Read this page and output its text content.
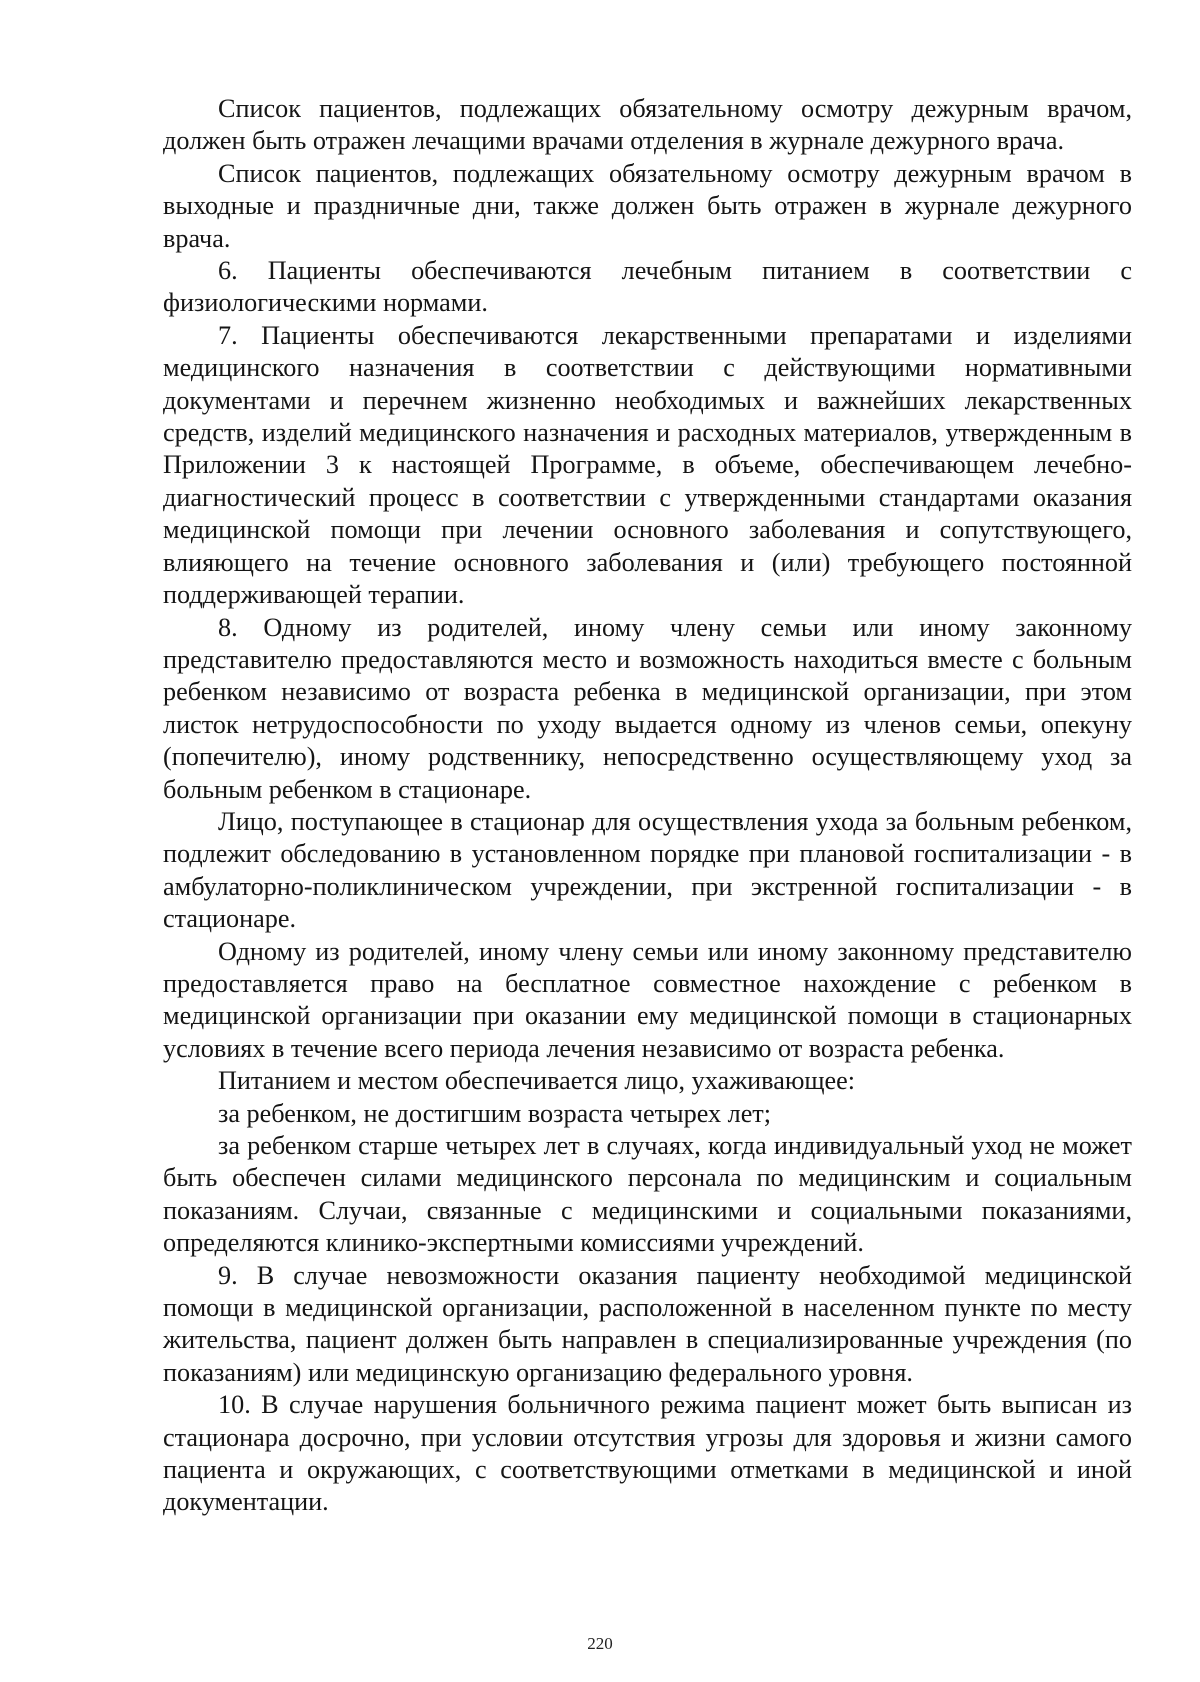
Список пациентов, подлежащих обязательному осмотру дежурным врачом, должен быть отражен лечащими врачами отделения в журнале дежурного врача.

Список пациентов, подлежащих обязательному осмотру дежурным врачом в выходные и праздничные дни, также должен быть отражен в журнале дежурного врача.

6. Пациенты обеспечиваются лечебным питанием в соответствии с физиологическими нормами.

7. Пациенты обеспечиваются лекарственными препаратами и изделиями медицинского назначения в соответствии с действующими нормативными документами и перечнем жизненно необходимых и важнейших лекарственных средств, изделий медицинского назначения и расходных материалов, утвержденным в Приложении 3 к настоящей Программе, в объеме, обеспечивающем лечебно-диагностический процесс в соответствии с утвержденными стандартами оказания медицинской помощи при лечении основного заболевания и сопутствующего, влияющего на течение основного заболевания и (или) требующего постоянной поддерживающей терапии.

8. Одному из родителей, иному члену семьи или иному законному представителю предоставляются место и возможность находиться вместе с больным ребенком независимо от возраста ребенка в медицинской организации, при этом листок нетрудоспособности по уходу выдается одному из членов семьи, опекуну (попечителю), иному родственнику, непосредственно осуществляющему уход за больным ребенком в стационаре.

Лицо, поступающее в стационар для осуществления ухода за больным ребенком, подлежит обследованию в установленном порядке при плановой госпитализации - в амбулаторно-поликлиническом учреждении, при экстренной госпитализации - в стационаре.

Одному из родителей, иному члену семьи или иному законному представителю предоставляется право на бесплатное совместное нахождение с ребенком в медицинской организации при оказании ему медицинской помощи в стационарных условиях в течение всего периода лечения независимо от возраста ребенка.

Питанием и местом обеспечивается лицо, ухаживающее:

за ребенком, не достигшим возраста четырех лет;

за ребенком старше четырех лет в случаях, когда индивидуальный уход не может быть обеспечен силами медицинского персонала по медицинским и социальным показаниям. Случаи, связанные с медицинскими и социальными показаниями, определяются клинико-экспертными комиссиями учреждений.

9. В случае невозможности оказания пациенту необходимой медицинской помощи в медицинской организации, расположенной в населенном пункте по месту жительства, пациент должен быть направлен в специализированные учреждения (по показаниям) или медицинскую организацию федерального уровня.

10. В случае нарушения больничного режима пациент может быть выписан из стационара досрочно, при условии отсутствия угрозы для здоровья и жизни самого пациента и окружающих, с соответствующими отметками в медицинской и иной документации.

220
